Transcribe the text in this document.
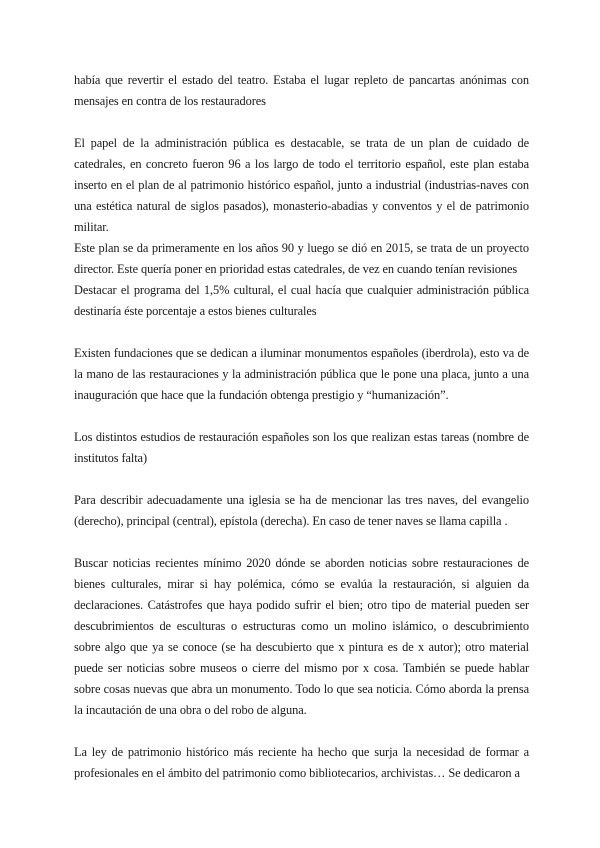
había que revertir el estado del teatro. Estaba el lugar repleto de pancartas anónimas con mensajes en contra de los restauradores

El papel de la administración pública es destacable, se trata de un plan de cuidado de catedrales, en concreto fueron 96 a los largo de todo el territorio español, este plan estaba inserto en el plan de al patrimonio histórico español, junto a industrial (industrias-naves con una estética natural de siglos pasados), monasterio-abadias y conventos y el de patrimonio militar.

Este plan se da primeramente en los años 90 y luego se dió en 2015, se trata de un proyecto director. Este quería poner en prioridad estas catedrales, de vez en cuando tenían revisiones

Destacar el programa del 1,5% cultural, el cual hacía que cualquier administración pública destinaría éste porcentaje a estos bienes culturales

Existen fundaciones que se dedican a iluminar monumentos españoles (iberdrola), esto va de la mano de las restauraciones y la administración pública que le pone una placa, junto a una inauguración que hace que la fundación obtenga prestigio y “humanización”.

Los distintos estudios de restauración españoles son los que realizan estas tareas (nombre de institutos falta)

Para describir adecuadamente una iglesia se ha de mencionar las tres naves, del evangelio (derecho), principal (central), epístola (derecha). En caso de tener naves se llama capilla .

Buscar noticias recientes mínimo 2020 dónde se aborden noticias sobre restauraciones de bienes culturales, mirar si hay polémica, cómo se evalúa la restauración, si alguien da declaraciones. Catástrofes que haya podido sufrir el bien; otro tipo de material pueden ser descubrimientos de esculturas o estructuras como un molino islámico, o descubrimiento sobre algo que ya se conoce (se ha descubierto que x pintura es de x autor); otro material puede ser noticias sobre museos o cierre del mismo por x cosa. También se puede hablar sobre cosas nuevas que abra un monumento. Todo lo que sea noticia. Cómo aborda la prensa la incautación de una obra o del robo de alguna.

La ley de patrimonio histórico más reciente ha hecho que surja la necesidad de formar a profesionales en el ámbito del patrimonio como bibliotecarios, archivistas… Se dedicaron a
